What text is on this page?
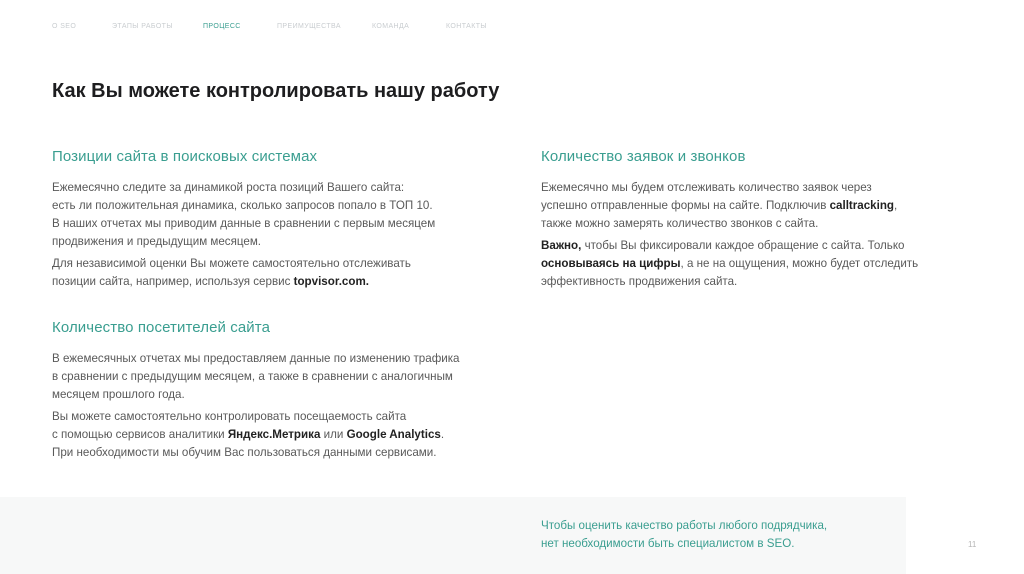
О SEO	ЭТАПЫ РАБОТЫ	ПРОЦЕСС	ПРЕИМУЩЕСТВА	КОМАНДА	КОНТАКТЫ
Как Вы можете контролировать нашу работу
Позиции сайта в поисковых системах

Ежемесячно следите за динамикой роста позиций Вашего сайта:
есть ли положительная динамика, сколько запросов попало в ТОП 10.
В наших отчетах мы приводим данные в сравнении с первым месяцем
продвижения и предыдущим месяцем.

Для независимой оценки Вы можете самостоятельно отслеживать
позиции сайта, например, используя сервис topvisor.com.

Количество посетителей сайта

В ежемесячных отчетах мы предоставляем данные по изменению трафика
в сравнении с предыдущим месяцем, а также в сравнении с аналогичным
месяцем прошлого года.

Вы можете самостоятельно контролировать посещаемость сайта
с помощью сервисов аналитики Яндекс.Метрика или Google Analytics.
При необходимости мы обучим Вас пользоваться данными сервисами.

Количество заявок и звонков

Ежемесячно мы будем отслеживать количество заявок через
успешно отправленные формы на сайте. Подключив calltracking,
также можно замерять количество звонков с сайта.

Важно, чтобы Вы фиксировали каждое обращение с сайта. Только
основываясь на цифры, а не на ощущения, можно будет отследить
эффективность продвижения сайта.

Чтобы оценить качество работы любого подрядчика,
нет необходимости быть специалистом в SEO.	11
